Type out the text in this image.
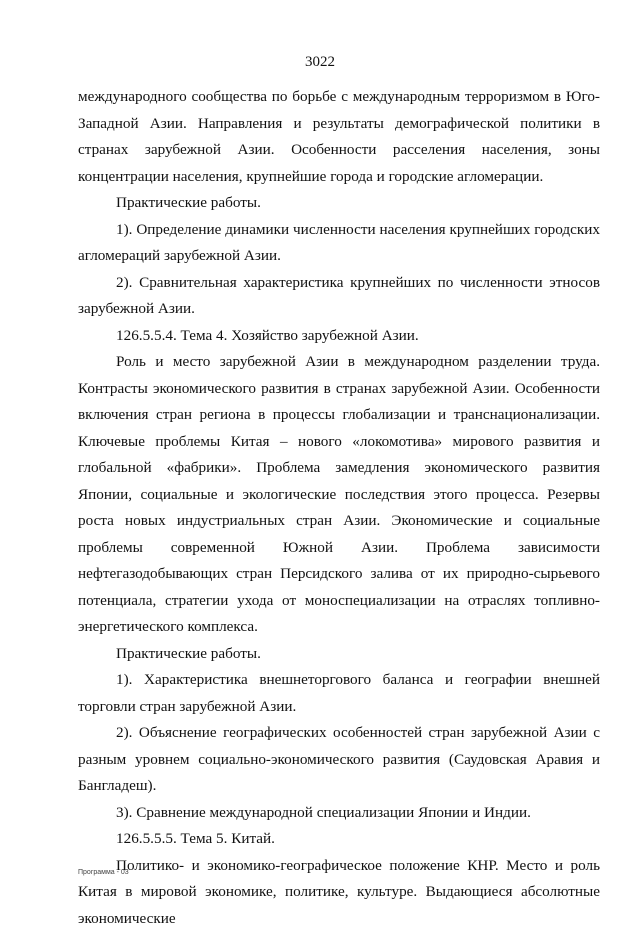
3022

международного сообщества по борьбе с международным терроризмом в Юго-Западной Азии. Направления и результаты демографической политики в странах зарубежной Азии. Особенности расселения населения, зоны концентрации населения, крупнейшие города и городские агломерации.

Практические работы.

1). Определение динамики численности населения крупнейших городских агломераций зарубежной Азии.

2). Сравнительная характеристика крупнейших по численности этносов зарубежной Азии.

126.5.5.4. Тема 4. Хозяйство зарубежной Азии.

Роль и место зарубежной Азии в международном разделении труда. Контрасты экономического развития в странах зарубежной Азии. Особенности включения стран региона в процессы глобализации и транснационализации. Ключевые проблемы Китая – нового «локомотива» мирового развития и глобальной «фабрики». Проблема замедления экономического развития Японии, социальные и экологические последствия этого процесса. Резервы роста новых индустриальных стран Азии. Экономические и социальные проблемы современной Южной Азии. Проблема зависимости нефтегазодобывающих стран Персидского залива от их природно-сырьевого потенциала, стратегии ухода от моноспециализации на отраслях топливно-энергетического комплекса.

Практические работы.

1). Характеристика внешнеторгового баланса и географии внешней торговли стран зарубежной Азии.

2). Объяснение географических особенностей стран зарубежной Азии с разным уровнем социально-экономического развития (Саудовская Аравия и Бангладеш).

3). Сравнение международной специализации Японии и Индии.

126.5.5.5. Тема 5. Китай.

Политико- и экономико-географическое положение КНР. Место и роль Китая в мировой экономике, политике, культуре. Выдающиеся абсолютные экономические

Программа - 03
